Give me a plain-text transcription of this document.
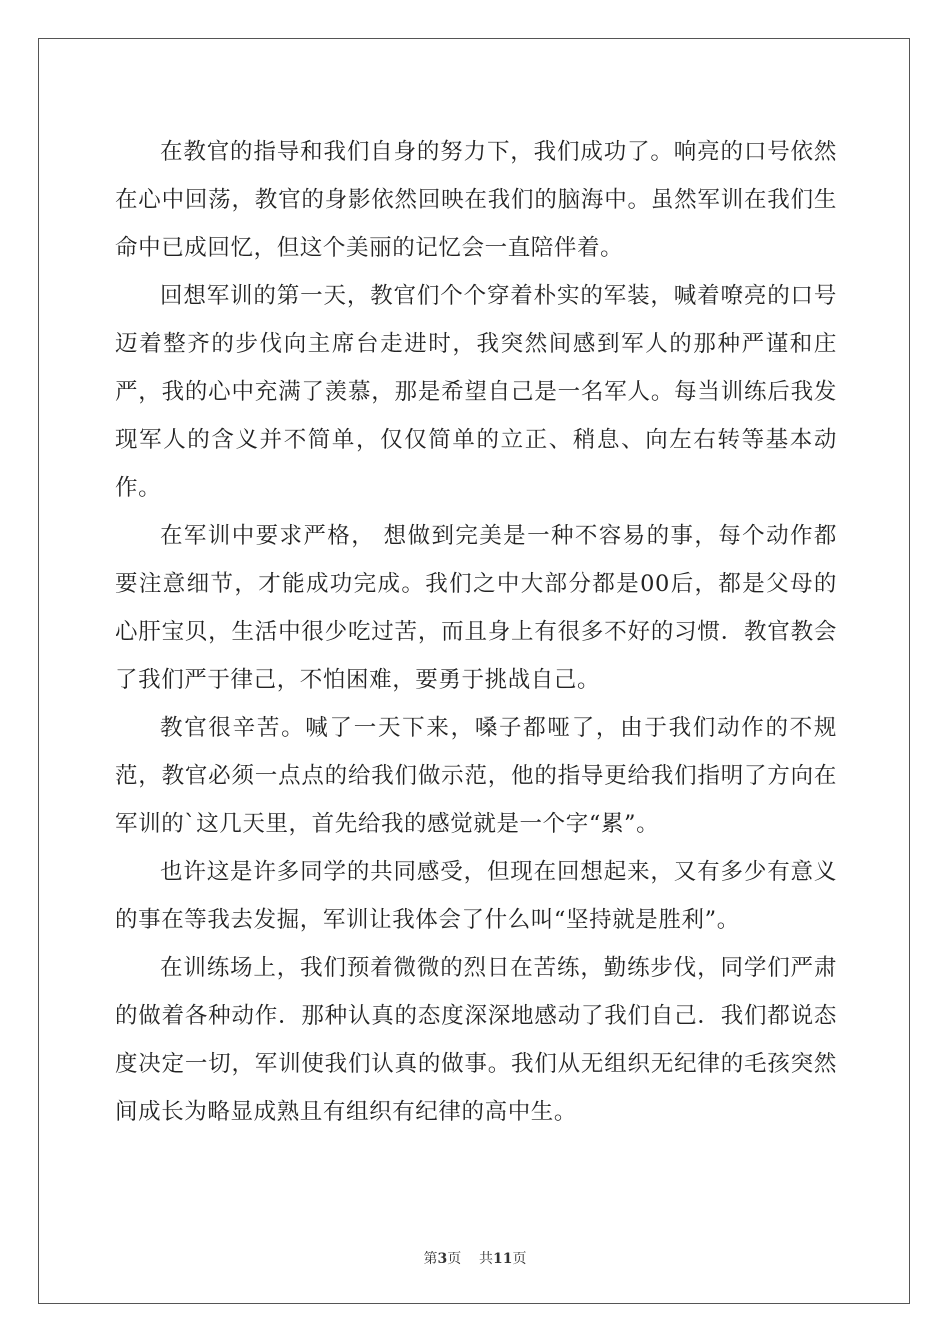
在教官的指导和我们自身的努力下，我们成功了。响亮的口号依然在心中回荡，教官的身影依然回映在我们的脑海中。虽然军训在我们生命中已成回忆，但这个美丽的记忆会一直陪伴着。

回想军训的第一天，教官们个个穿着朴实的军装，喊着嘹亮的口号迈着整齐的步伐向主席台走进时，我突然间感到军人的那种严谨和庄严，我的心中充满了羡慕，那是希望自己是一名军人。每当训练后我发现军人的含义并不简单，仅仅简单的立正、稍息、向左右转等基本动作。

在军训中要求严格， 想做到完美是一种不容易的事，每个动作都要注意细节，才能成功完成。我们之中大部分都是00后，都是父母的心肝宝贝，生活中很少吃过苦，而且身上有很多不好的习惯．教官教会了我们严于律己，不怕困难，要勇于挑战自己。

教官很辛苦。喊了一天下来，嗓子都哑了，由于我们动作的不规范，教官必须一点点的给我们做示范，他的指导更给我们指明了方向在军训的`这几天里，首先给我的感觉就是一个字“累”。

也许这是许多同学的共同感受，但现在回想起来，又有多少有意义的事在等我去发掘，军训让我体会了什么叫“坚持就是胜利”。

在训练场上，我们预着微微的烈日在苦练，勤练步伐，同学们严肃的做着各种动作．那种认真的态度深深地感动了我们自己．我们都说态度决定一切，军训使我们认真的做事。我们从无组织无纪律的毛孩突然间成长为略显成熟且有组织有纪律的高中生。

第3页 共11页
